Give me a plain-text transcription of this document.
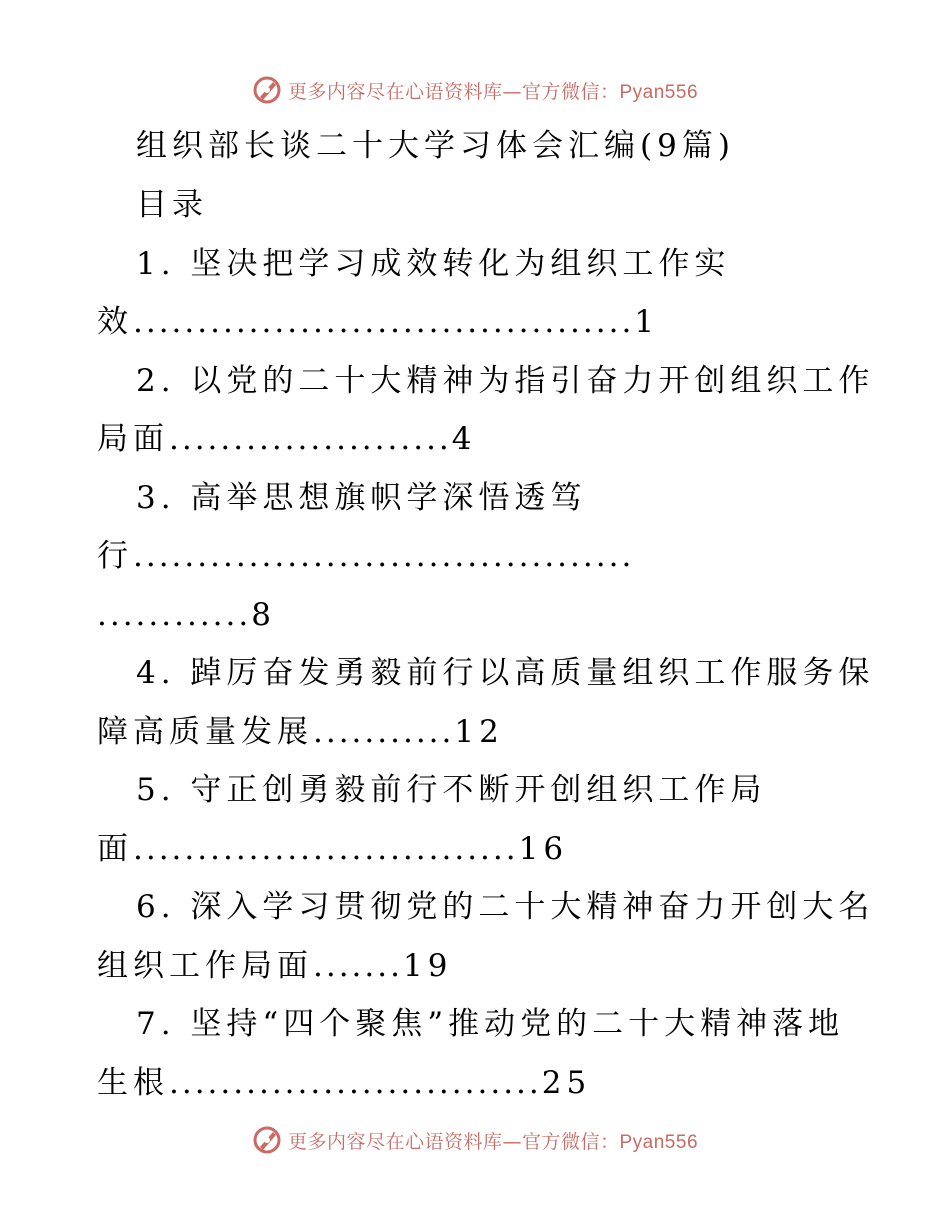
更多内容尽在心语资料库—官方微信：Pyan556
组织部长谈二十大学习体会汇编(9篇)
目录
1. 坚决把学习成效转化为组织工作实
效.......................................1
2. 以党的二十大精神为指引奋力开创组织工作
局面......................4
3. 高举思想旗帜学深悟透笃
行.......................................
............8
4. 踔厉奋发勇毅前行以高质量组织工作服务保
障高质量发展...........12
5. 守正创勇毅前行不断开创组织工作局
面..............................16
6. 深入学习贯彻党的二十大精神奋力开创大名
组织工作局面.......19
7. 坚持“四个聚焦”推动党的二十大精神落地
生根.............................25
更多内容尽在心语资料库—官方微信：Pyan556
